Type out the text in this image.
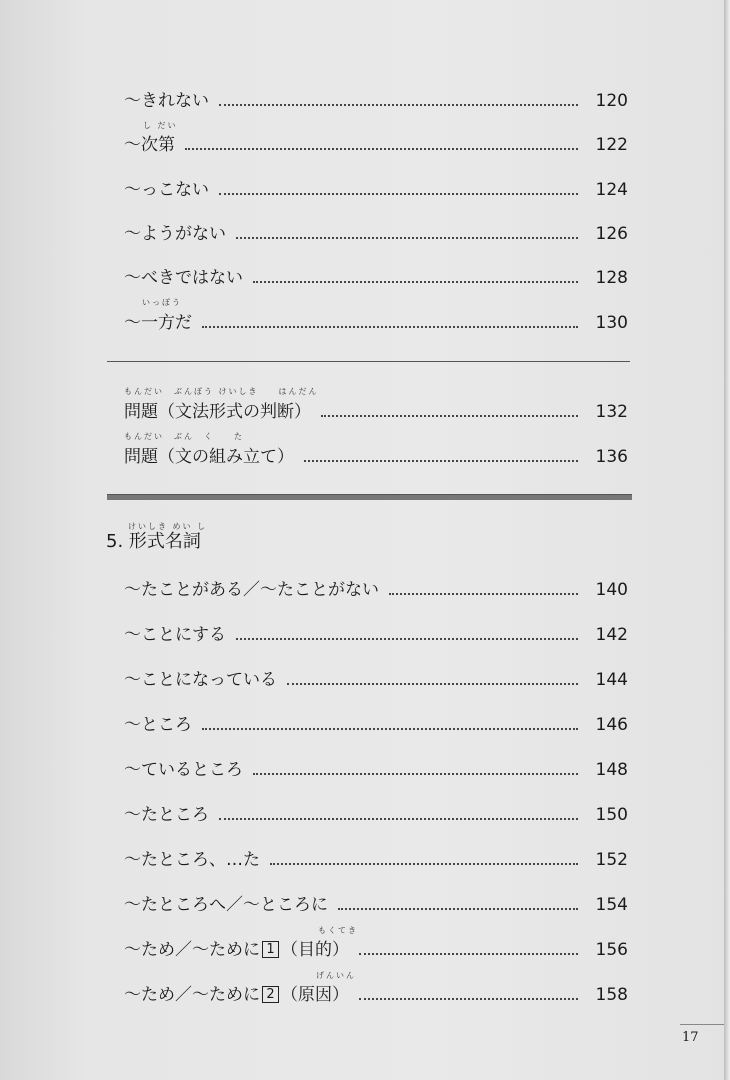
～きれない	120
し だい
～次第	122
～っこない	124
～ようがない	126
～べきではない	128
いっぽう
～一方だ	130
もんだい　ぶんぽう けいしき　　はんだん
問題（文法形式の判断）	132
もんだい　ぶん　く　　た
問題（文の組み立て）	136
けいしき めい し
5. 形式名詞
～たことがある／～たことがない	140
～ことにする	142
～ことになっている	144
～ところ	146
～ているところ	148
～たところ	150
～たところ、…た	152
～たところへ／～ところに	154
もくてき
～ため／～ために 1 （目的）	156
げんいん
～ため／～ために 2 （原因）	158
17
